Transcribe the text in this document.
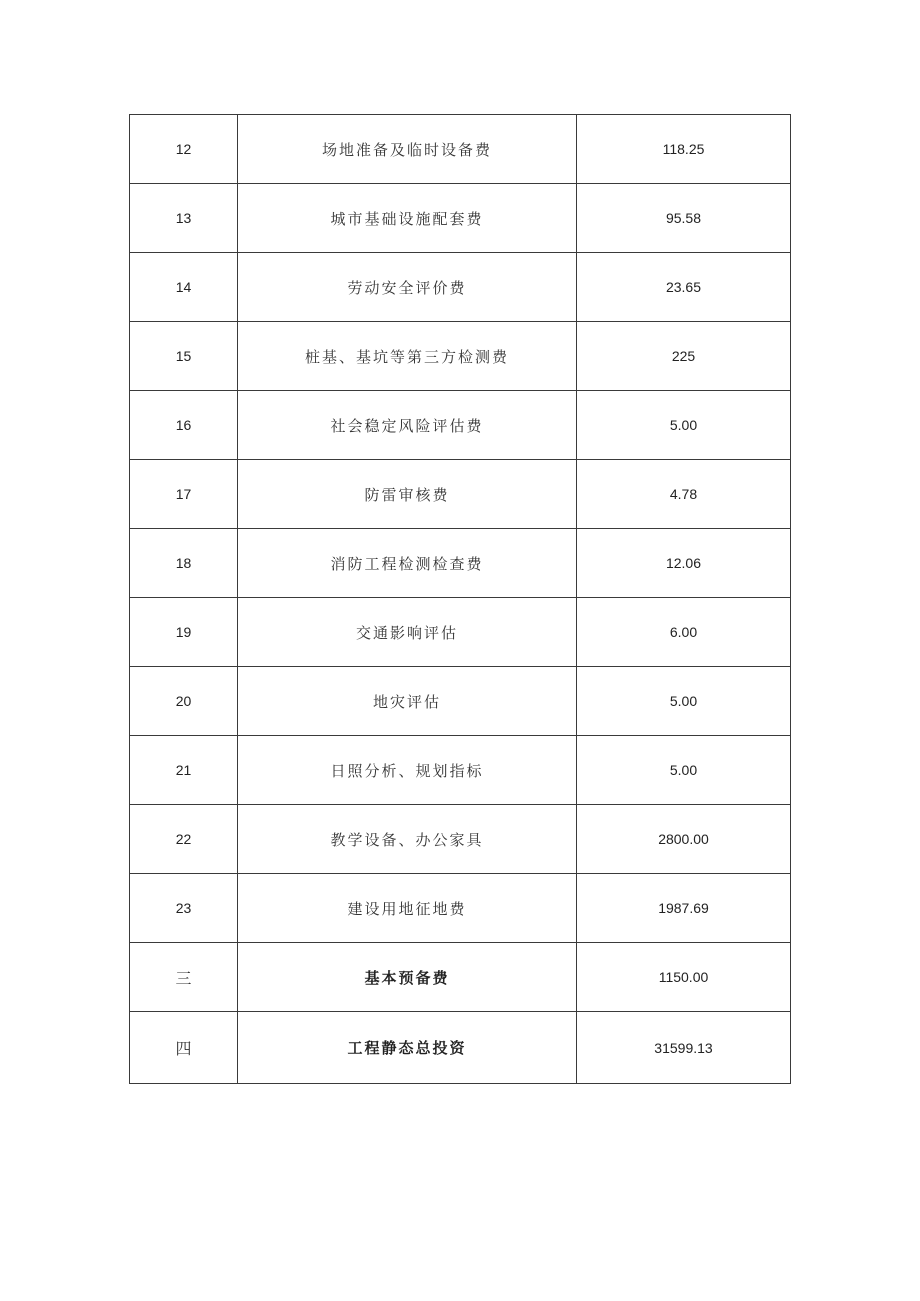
12	场地准备及临时设备费	118.25
13	城市基础设施配套费	95.58
14	劳动安全评价费	23.65
15	桩基、基坑等第三方检测费	225
16	社会稳定风险评估费	5.00
17	防雷审核费	4.78
18	消防工程检测检查费	12.06
19	交通影响评估	6.00
20	地灾评估	5.00
21	日照分析、规划指标	5.00
22	教学设备、办公家具	2800.00
23	建设用地征地费	1987.69
三	基本预备费	1150.00
四	工程静态总投资	31599.13
